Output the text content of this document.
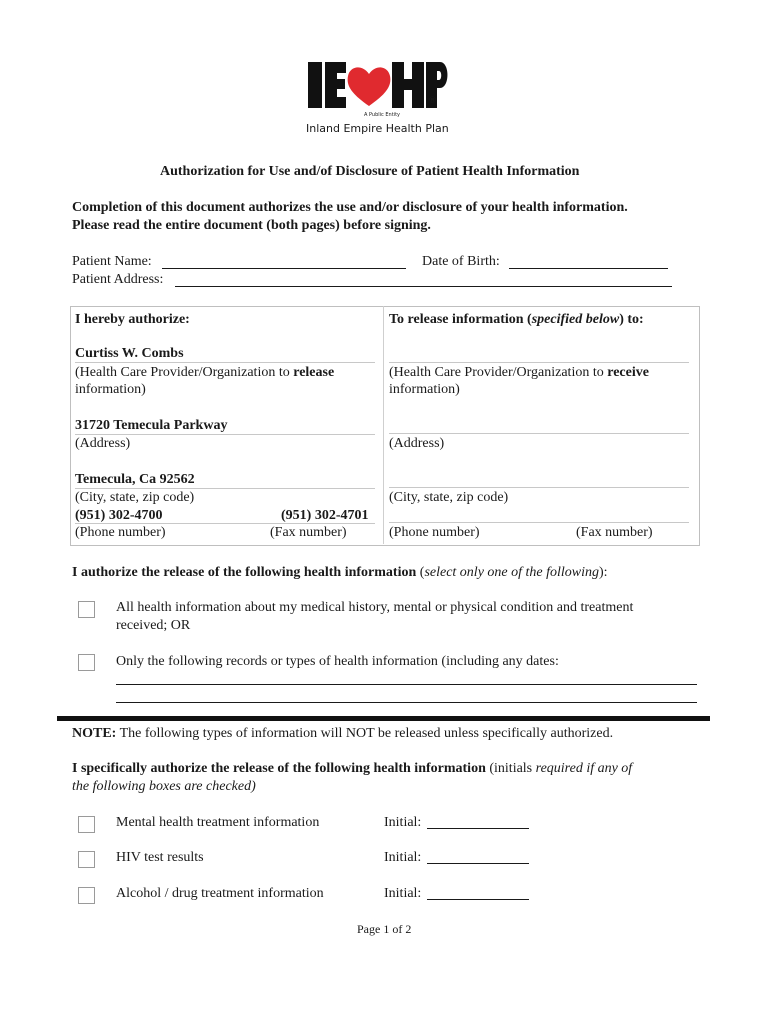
®
A Public Entity
Inland Empire Health Plan
Authorization for Use and/of Disclosure of Patient Health Information
Completion of this document authorizes the use and/or disclosure of your health information.
Please read the entire document (both pages) before signing.
Patient Name:	Date of Birth:
Patient Address:
I hereby authorize:
Curtiss W. Combs
(Health Care Provider/Organization to release
information)
31720 Temecula Parkway
(Address)
Temecula, Ca 92562
(City, state, zip code)
(951) 302-4700	(951) 302-4701
(Phone number)	(Fax number)
To release information (specified below) to:
(Health Care Provider/Organization to receive
information)
(Address)
(City, state, zip code)
(Phone number)	(Fax number)
I authorize the release of the following health information (select only one of the following):
All health information about my medical history, mental or physical condition and treatment
received; OR
Only the following records or types of health information (including any dates:
NOTE: The following types of information will NOT be released unless specifically authorized.
I specifically authorize the release of the following health information (initials required if any of
the following boxes are checked)
Mental health treatment information	Initial:
HIV test results	Initial:
Alcohol / drug treatment information	Initial:
Page 1 of 2
